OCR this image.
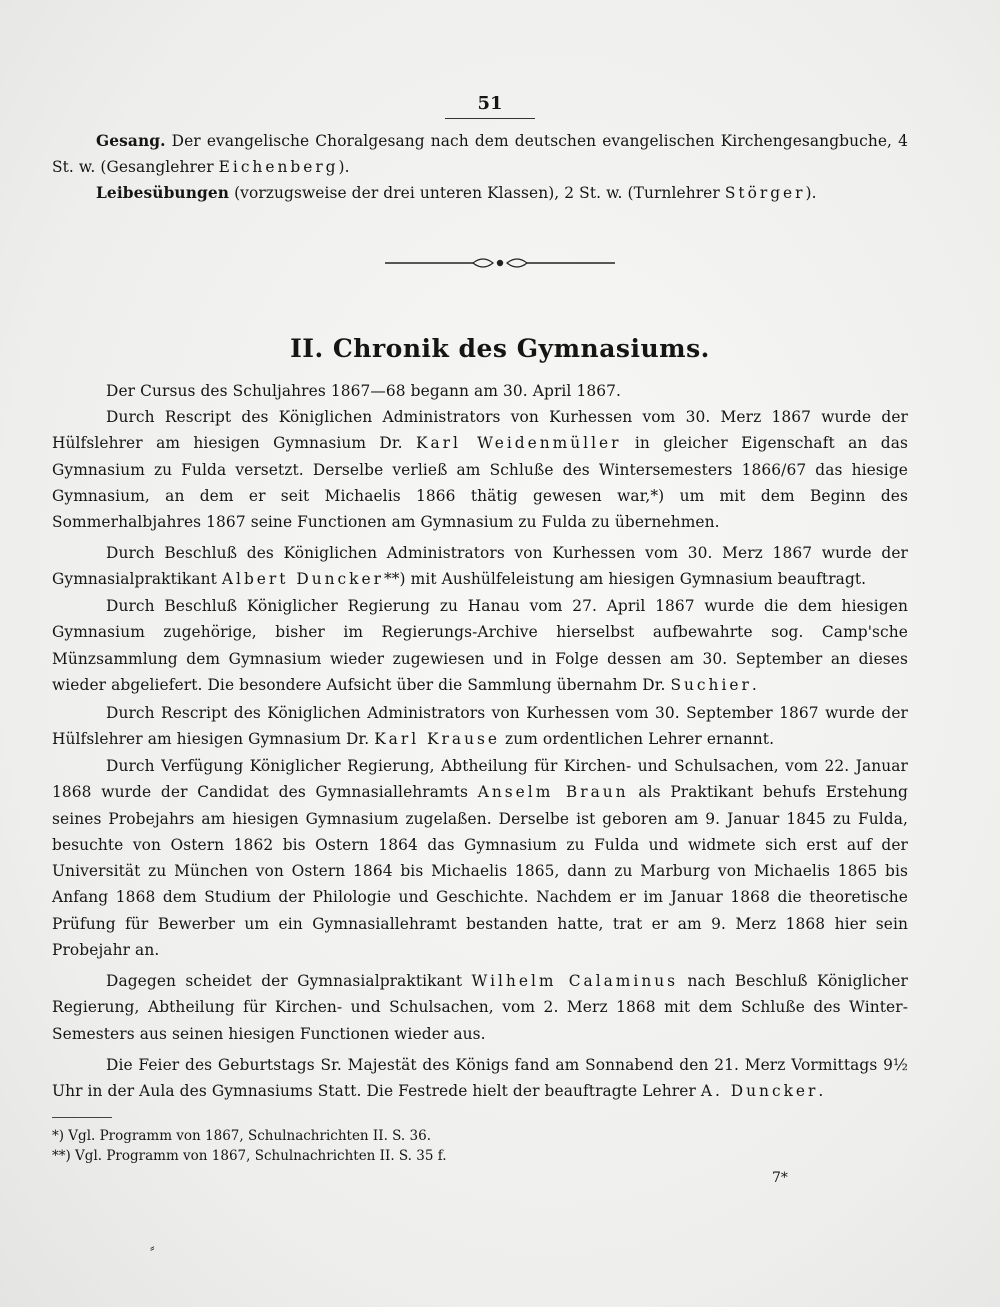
51
Gesang. Der evangelische Choralgesang nach dem deutschen evangelischen Kirchengesangbuche, 4 St. w. (Gesanglehrer Eichenberg).
Leibesübungen (vorzugsweise der drei unteren Klassen), 2 St. w. (Turnlehrer Störger).
II. Chronik des Gymnasiums.
Der Cursus des Schuljahres 1867—68 begann am 30. April 1867.
Durch Rescript des Königlichen Administrators von Kurhessen vom 30. Merz 1867 wurde der Hülfslehrer am hiesigen Gymnasium Dr. Karl Weidenmüller in gleicher Eigenschaft an das Gymnasium zu Fulda versetzt. Derselbe verließ am Schluße des Wintersemesters 1866/67 das hiesige Gymnasium, an dem er seit Michaelis 1866 thätig gewesen war,*) um mit dem Beginn des Sommerhalbjahres 1867 seine Functionen am Gymnasium zu Fulda zu übernehmen.
Durch Beschluß des Königlichen Administrators von Kurhessen vom 30. Merz 1867 wurde der Gymnasialpraktikant Albert Duncker**) mit Aushülfeleistung am hiesigen Gymnasium beauftragt.
Durch Beschluß Königlicher Regierung zu Hanau vom 27. April 1867 wurde die dem hiesigen Gymnasium zugehörige, bisher im Regierungs-Archive hierselbst aufbewahrte sog. Camp'sche Münzsammlung dem Gymnasium wieder zugewiesen und in Folge dessen am 30. September an dieses wieder abgeliefert. Die besondere Aufsicht über die Sammlung übernahm Dr. Suchier.
Durch Rescript des Königlichen Administrators von Kurhessen vom 30. September 1867 wurde der Hülfslehrer am hiesigen Gymnasium Dr. Karl Krause zum ordentlichen Lehrer ernannt.
Durch Verfügung Königlicher Regierung, Abtheilung für Kirchen- und Schulsachen, vom 22. Januar 1868 wurde der Candidat des Gymnasiallehramts Anselm Braun als Praktikant behufs Erstehung seines Probejahrs am hiesigen Gymnasium zugelaßen. Derselbe ist geboren am 9. Januar 1845 zu Fulda, besuchte von Ostern 1862 bis Ostern 1864 das Gymnasium zu Fulda und widmete sich erst auf der Universität zu München von Ostern 1864 bis Michaelis 1865, dann zu Marburg von Michaelis 1865 bis Anfang 1868 dem Studium der Philologie und Geschichte. Nachdem er im Januar 1868 die theoretische Prüfung für Bewerber um ein Gymnasiallehramt bestanden hatte, trat er am 9. Merz 1868 hier sein Probejahr an.
Dagegen scheidet der Gymnasialpraktikant Wilhelm Calaminus nach Beschluß Königlicher Regierung, Abtheilung für Kirchen- und Schulsachen, vom 2. Merz 1868 mit dem Schluße des Winter-Semesters aus seinen hiesigen Functionen wieder aus.
Die Feier des Geburtstags Sr. Majestät des Königs fand am Sonnabend den 21. Merz Vormittags 9½ Uhr in der Aula des Gymnasiums Statt. Die Festrede hielt der beauftragte Lehrer A. Duncker.
*) Vgl. Programm von 1867, Schulnachrichten II. S. 36.
**) Vgl. Programm von 1867, Schulnachrichten II. S. 35 f.
7*
⸗
